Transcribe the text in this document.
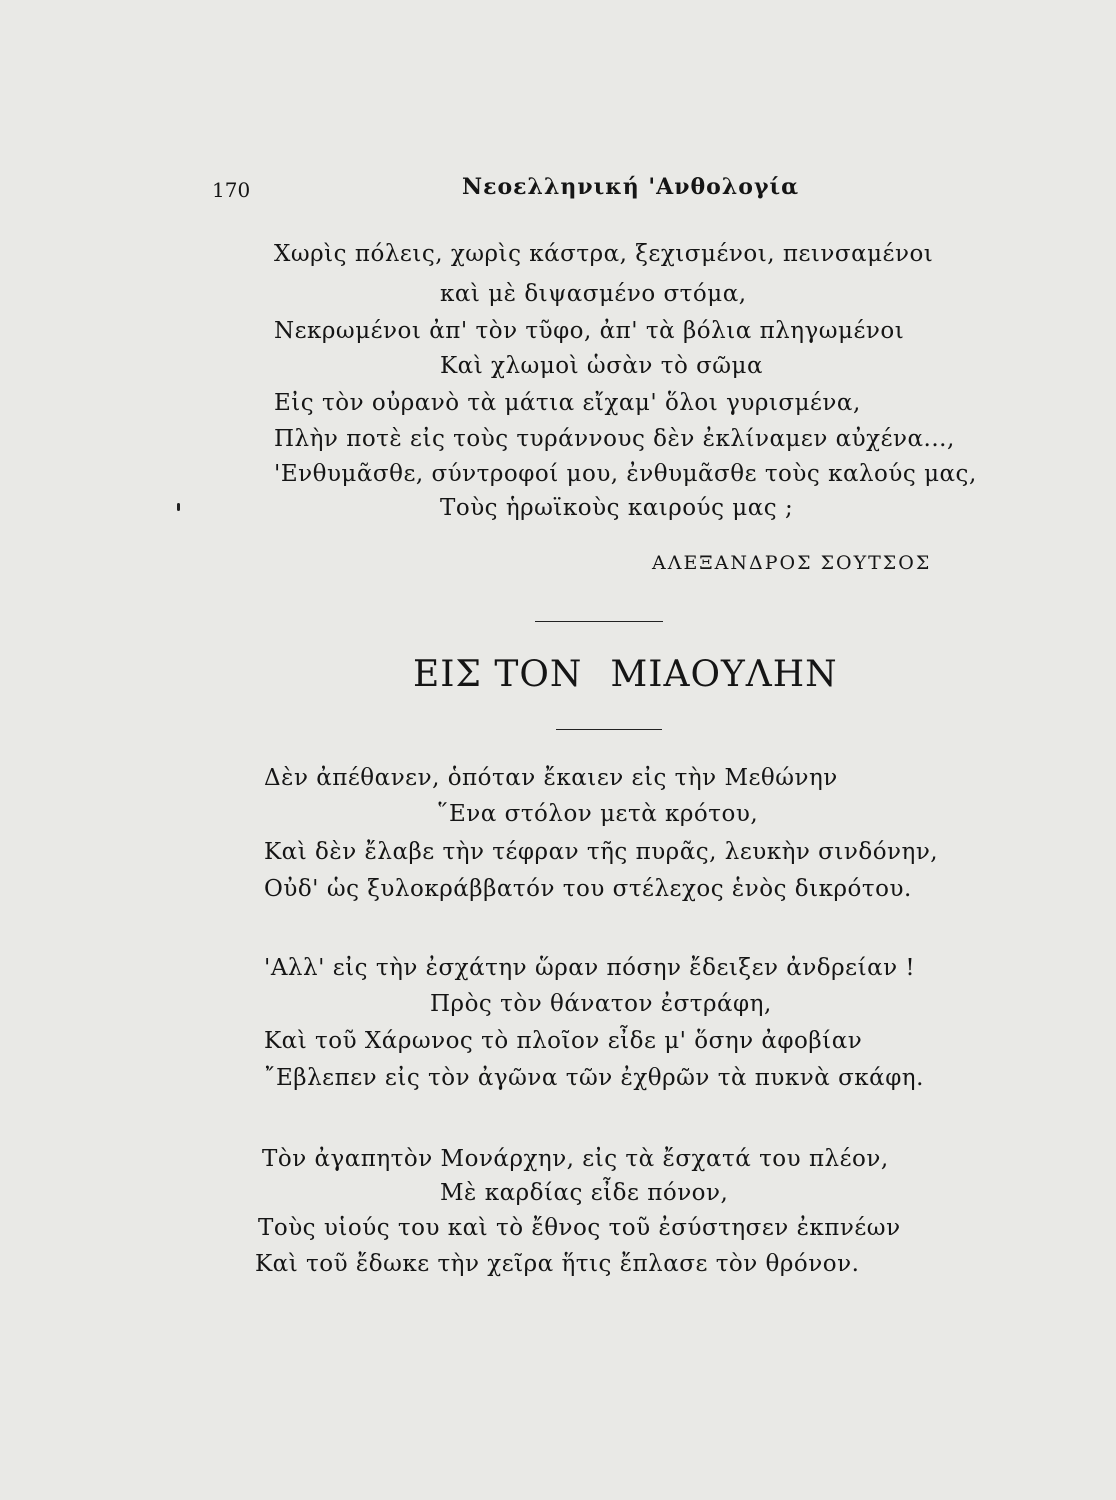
170	Νεοελληνική 'Ανθολογία
Χωρὶς πόλεις, χωρὶς κάστρα, ξεχισμένοι, πεινσαμένοι
καὶ μὲ διψασμένο στόμα,
Νεκρωμένοι ἀπ' τὸν τῦφο, ἀπ' τὰ βόλια πληγωμένοι
Καὶ χλωμοὶ ὡσὰν τὸ σῶμα
Εἰς τὸν οὐρανὸ τὰ μάτια εἴχαμ' ὅλοι γυρισμένα,
Πλὴν ποτὲ εἰς τοὺς τυράννους δὲν ἐκλίναμεν αὐχένα...,
'Ενθυμᾶσθε, σύντροφοί μου, ἐνθυμᾶσθε τοὺς καλούς μας,
Τοὺς ἡρωϊκοὺς καιρούς μας ;
ΑΛΕΞΑΝΔΡΟΣ ΣΟΥΤΣΟΣ
ΕΙΣ ΤΟΝ ΜΙΑΟΥΛΗΝ
Δὲν ἀπέθανεν, ὁπόταν ἔκαιεν εἰς τὴν Μεθώνην
῞Ενα στόλον μετὰ κρότου,
Καὶ δὲν ἔλαβε τὴν τέφραν τῆς πυρᾶς, λευκὴν σινδόνην,
Οὐδ' ὡς ξυλοκράββατόν του στέλεχος ἑνὸς δικρότου.
'Αλλ' εἰς τὴν ἐσχάτην ὥραν πόσην ἔδειξεν ἀνδρείαν !
Πρὸς τὸν θάνατον ἐστράφη,
Καὶ τοῦ Χάρωνος τὸ πλοῖον εἶδε μ' ὅσην ἀφοβίαν
῎Εβλεπεν εἰς τὸν ἀγῶνα τῶν ἐχθρῶν τὰ πυκνὰ σκάφη.
Τὸν ἀγαπητὸν Μονάρχην, εἰς τὰ ἔσχατά του πλέον,
Μὲ καρδίας εἶδε πόνον,
Τοὺς υἱούς του καὶ τὸ ἔθνος τοῦ ἐσύστησεν ἐκπνέων
Καὶ τοῦ ἔδωκε τὴν χεῖρα ἥτις ἔπλασε τὸν θρόνον.
